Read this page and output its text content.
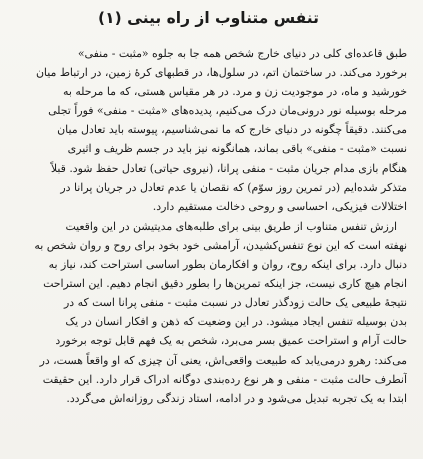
تنفس متناوب از راه بینی (۱)
طبق قاعده‌ای کلی در دنیای خارج شخص همه جا به جلوه «مثبت - منفی»
برخورد می‌کند. در ساختمان اتم، در سلول‌ها، در قطبهای کرهٔ زمین، در ارتباط میان
خورشید و ماه، در موجودیت زن و مرد. در هر مقیاس هستی، که ما مرحله به
مرحله بوسیله نور درونی‌مان درک می‌کنیم، پدیده‌های «مثبت - منفی» فوراً تجلی
می‌کنند. دقیقاً چگونه در دنیای خارج که ما نمی‌شناسیم، پیوسته باید تعادل میان
نسبت «مثبت - منفی» باقی بماند، همانگونه نیز باید در جسم ظریف و اثیری
هنگام بازی مدام جریان مثبت - منفی پرانا، (نیروی حیاتی) تعادل حفظ شود. قبلاً
متذکر شده‌ایم (در تمرین روز سوّم) که نقصان یا عدم تعادل در جریان پرانا در
اختلالات فیزیکی، احساسی و روحی دخالت مستقیم دارد.
ارزش تنفس متناوب از طریق بینی برای طلبه‌های مدیتیشن در این واقعیت
نهفته است که این نوع تنفس‌کشیدن، آرامشی خود بخود برای روح و روان شخص به
دنبال دارد. برای اینکه روح، روان و افکارمان بطور اساسی استراحت کند، نیاز به
انجام هیچ کاری نیست، جز اینکه تمرین‌ها را بطور دقیق انجام دهیم. این استراحت
نتیجهٔ طبیعی یک حالت زودگذر تعادل در نسبت مثبت - منفی پرانا است که در
بدن بوسیله تنفس ایجاد میشود. در این وضعیت که ذهن و افکار انسان در یک
حالت آرام و استراحت عمیق بسر می‌برد، شخص به یک فهم قابل توجه برخورد
می‌کند: رهرو درمی‌یابد که طبیعت واقعی‌اش، یعنی آن چیزی که او واقعاً هست، در
آنطرف حالت مثبت - منفی و هر نوع رده‌بندی دوگانه ادراک قرار دارد. این حقیقت
ابتدا به یک تجربه تبدیل می‌شود و در ادامه، استاد زندگی روزانه‌اش می‌گردد.
